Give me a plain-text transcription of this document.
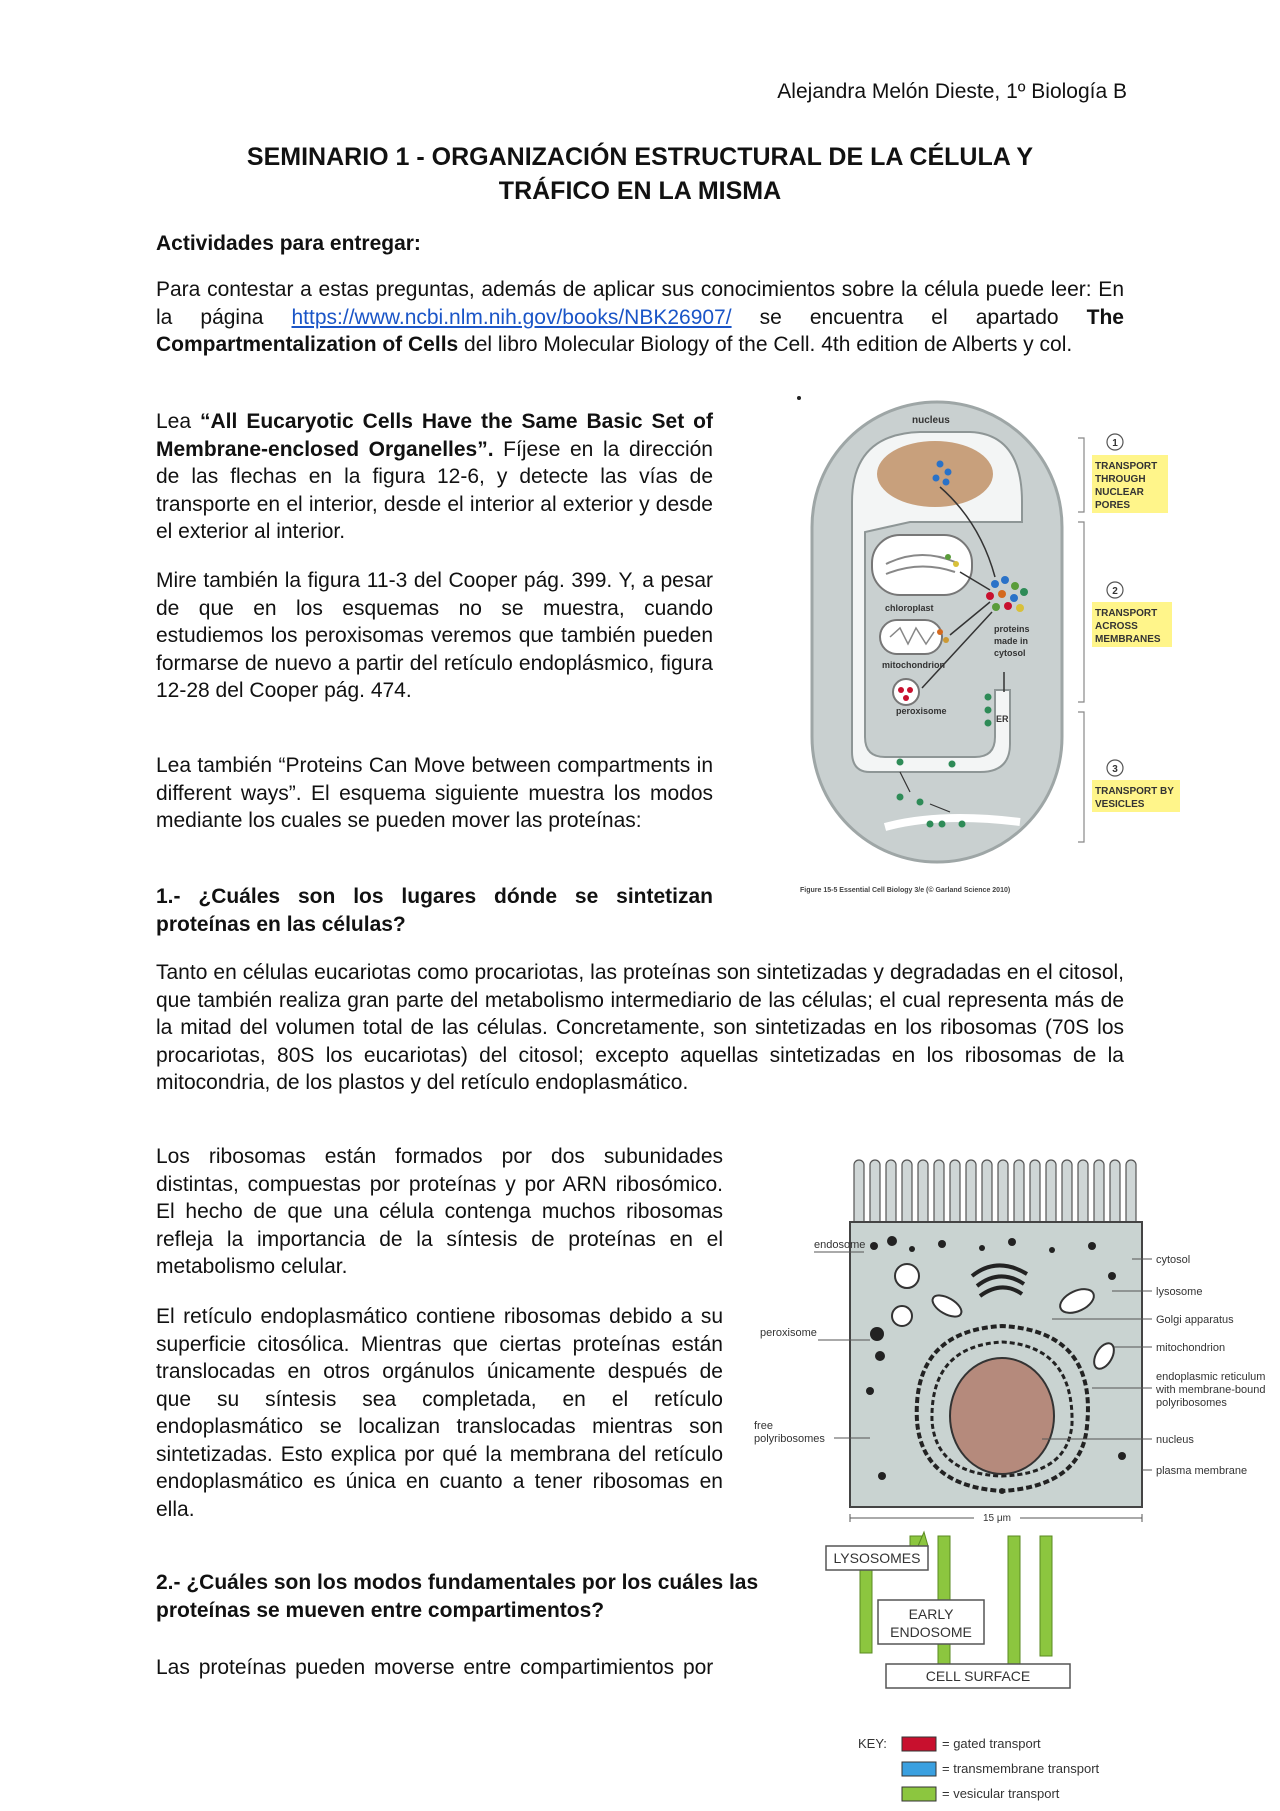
Alejandra Melón Dieste, 1º Biología B
SEMINARIO 1 - ORGANIZACIÓN ESTRUCTURAL DE LA CÉLULA Y
TRÁFICO EN LA MISMA
Actividades para entregar:

Para contestar a estas preguntas, además de aplicar sus conocimientos sobre la célula puede leer: En la página https://www.ncbi.nlm.nih.gov/books/NBK26907/ se encuentra el apartado The Compartmentalization of Cells del libro Molecular Biology of the Cell. 4th edition de Alberts y col.

Lea “All Eucaryotic Cells Have the Same Basic Set of Membrane-enclosed Organelles”. Fíjese en la dirección de las flechas en la figura 12-6, y detecte las vías de transporte en el interior, desde el interior al exterior y desde el exterior al interior.

Mire también la figura 11-3 del Cooper pág. 399. Y, a pesar de que en los esquemas no se muestra, cuando estudiemos los peroxisomas veremos que también pueden formarse de nuevo a partir del retículo endoplásmico, figura 12-28 del Cooper pág. 474.

Lea también “Proteins Can Move between compartments in different ways”. El esquema siguiente muestra los modos mediante los cuales se pueden mover las proteínas:

1.- ¿Cuáles son los lugares dónde se sintetizan proteínas en las células?

Tanto en células eucariotas como procariotas, las proteínas son sintetizadas y degradadas en el citosol, que también realiza gran parte del metabolismo intermediario de las células; el cual representa más de la mitad del volumen total de las células. Concretamente, son sintetizadas en los ribosomas (70S los procariotas, 80S los eucariotas) del citosol; excepto aquellas sintetizadas en los ribosomas de la mitocondria, de los plastos y del retículo endoplasmático.

Los ribosomas están formados por dos subunidades distintas, compuestas por proteínas y por ARN ribosómico. El hecho de que una célula contenga muchos ribosomas refleja la importancia de la síntesis de proteínas en el metabolismo celular.

El retículo endoplasmático contiene ribosomas debido a su superficie citosólica. Mientras que ciertas proteínas están translocadas en otros orgánulos únicamente después de que su síntesis sea completada, en el retículo endoplasmático se localizan translocadas mientras son sintetizadas. Esto explica por qué la membrana del retículo endoplasmático es única en cuanto a tener ribosomas en ella.

2.- ¿Cuáles son los modos fundamentales por los cuáles las proteínas se mueven entre compartimentos?

Las proteínas pueden moverse entre compartimientos por

nucleus
chloroplast
mitochondrion
peroxisome
proteins
made in
cytosol
ER
1
TRANSPORT
THROUGH
NUCLEAR
PORES
2
TRANSPORT
ACROSS
MEMBRANES
3
TRANSPORT BY
VESICLES
Figure 15-5 Essential Cell Biology 3/e (© Garland Science 2010)
endosome
peroxisome
free
polyribosomes
cytosol
lysosome
Golgi apparatus
mitochondrion
endoplasmic reticulum
with membrane-bound
polyribosomes
nucleus
plasma membrane
15 μm
LYSOSOMES
EARLY
ENDOSOME
CELL SURFACE
KEY:	= gated transport
= transmembrane transport
= vesicular transport
